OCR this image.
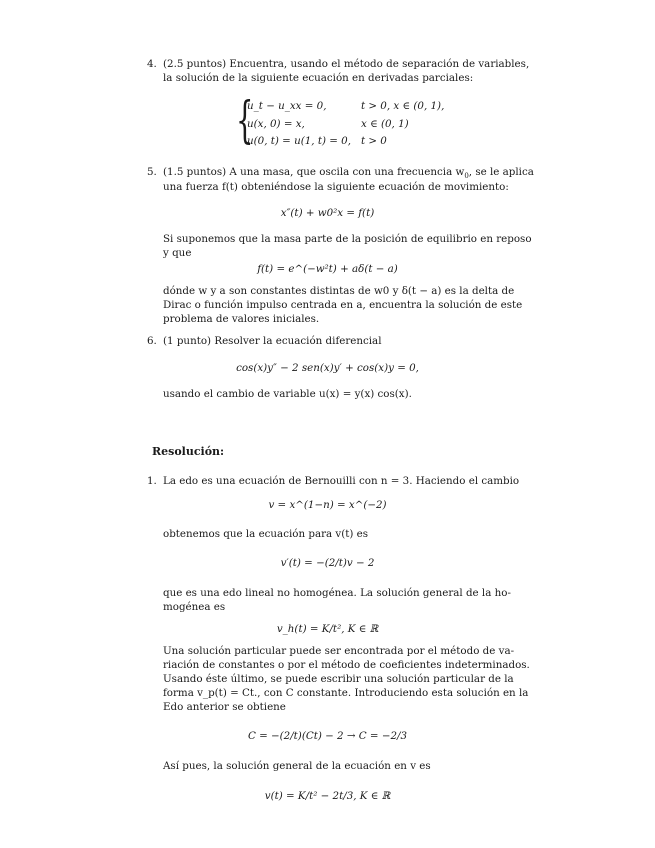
4. (2.5 puntos) Encuentra, usando el método de separación de variables,
la solución de la siguiente ecuación en derivadas parciales:
{
u_t − u_xx = 0,	t > 0, x ∈ (0, 1),
u(x, 0) = x,	x ∈ (0, 1)
u(0, t) = u(1, t) = 0, t > 0
5. (1.5 puntos) A una masa, que oscila con una frecuencia $w_0$, se le aplica
una fuerza f(t) obteniéndose la siguiente ecuación de movimiento:
x″(t) + w0²x = f(t)
Si suponemos que la masa parte de la posición de equilibrio en reposo
y que
f(t) = e^(−w²t) + aδ(t − a)
dónde w y a son constantes distintas de w0 y δ(t − a) es la delta de
Dirac o función impulso centrada en a, encuentra la solución de este
problema de valores iniciales.
6. (1 punto) Resolver la ecuación diferencial
cos(x)y″ − 2 sen(x)y′ + cos(x)y = 0,
usando el cambio de variable u(x) = y(x) cos(x).
Resolución:
1. La edo es una ecuación de Bernouilli con n = 3. Haciendo el cambio
v = x^(1−n) = x^(−2)
obtenemos que la ecuación para v(t) es
v′(t) = −(2/t)v − 2
que es una edo lineal no homogénea. La solución general de la ho-
mogénea es
v_h(t) = K/t², K ∈ ℝ
Una solución particular puede ser encontrada por el método de va-
riación de constantes o por el método de coeficientes indeterminados.
Usando éste último, se puede escribir una solución particular de la
forma v_p(t) = Ct., con C constante. Introduciendo esta solución en la
Edo anterior se obtiene
C = −(2/t)(Ct) − 2 → C = −2/3
Así pues, la solución general de la ecuación en v es
v(t) = K/t² − 2t/3, K ∈ ℝ
